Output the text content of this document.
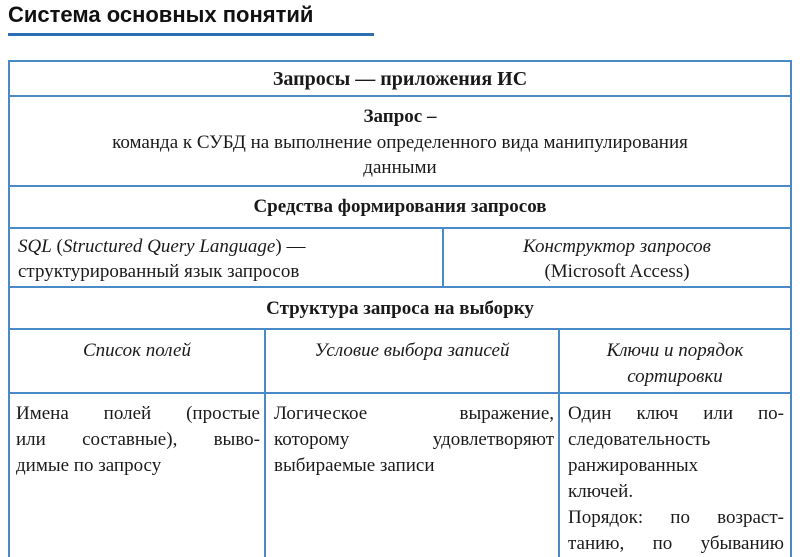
Система основных понятий
Запросы — приложения ИС
Запрос –
команда к СУБД на выполнение определенного вида манипулирования
данными
Средства формирования запросов
SQL (Structured Query Language) —
структурированный язык запросов
Конструктор запросов
(Microsoft Access)
Структура запроса на выборку
Список полей	Условие выбора записей	Ключи и порядок
сортировки
Имена полей (простые
или составные), выво-
димые по запросу
Логическое выражение,
которому удовлетворяют
выбираемые записи
Один ключ или по-
следовательность
ранжированных
ключей.
Порядок: по возраст-
танию, по убыванию
